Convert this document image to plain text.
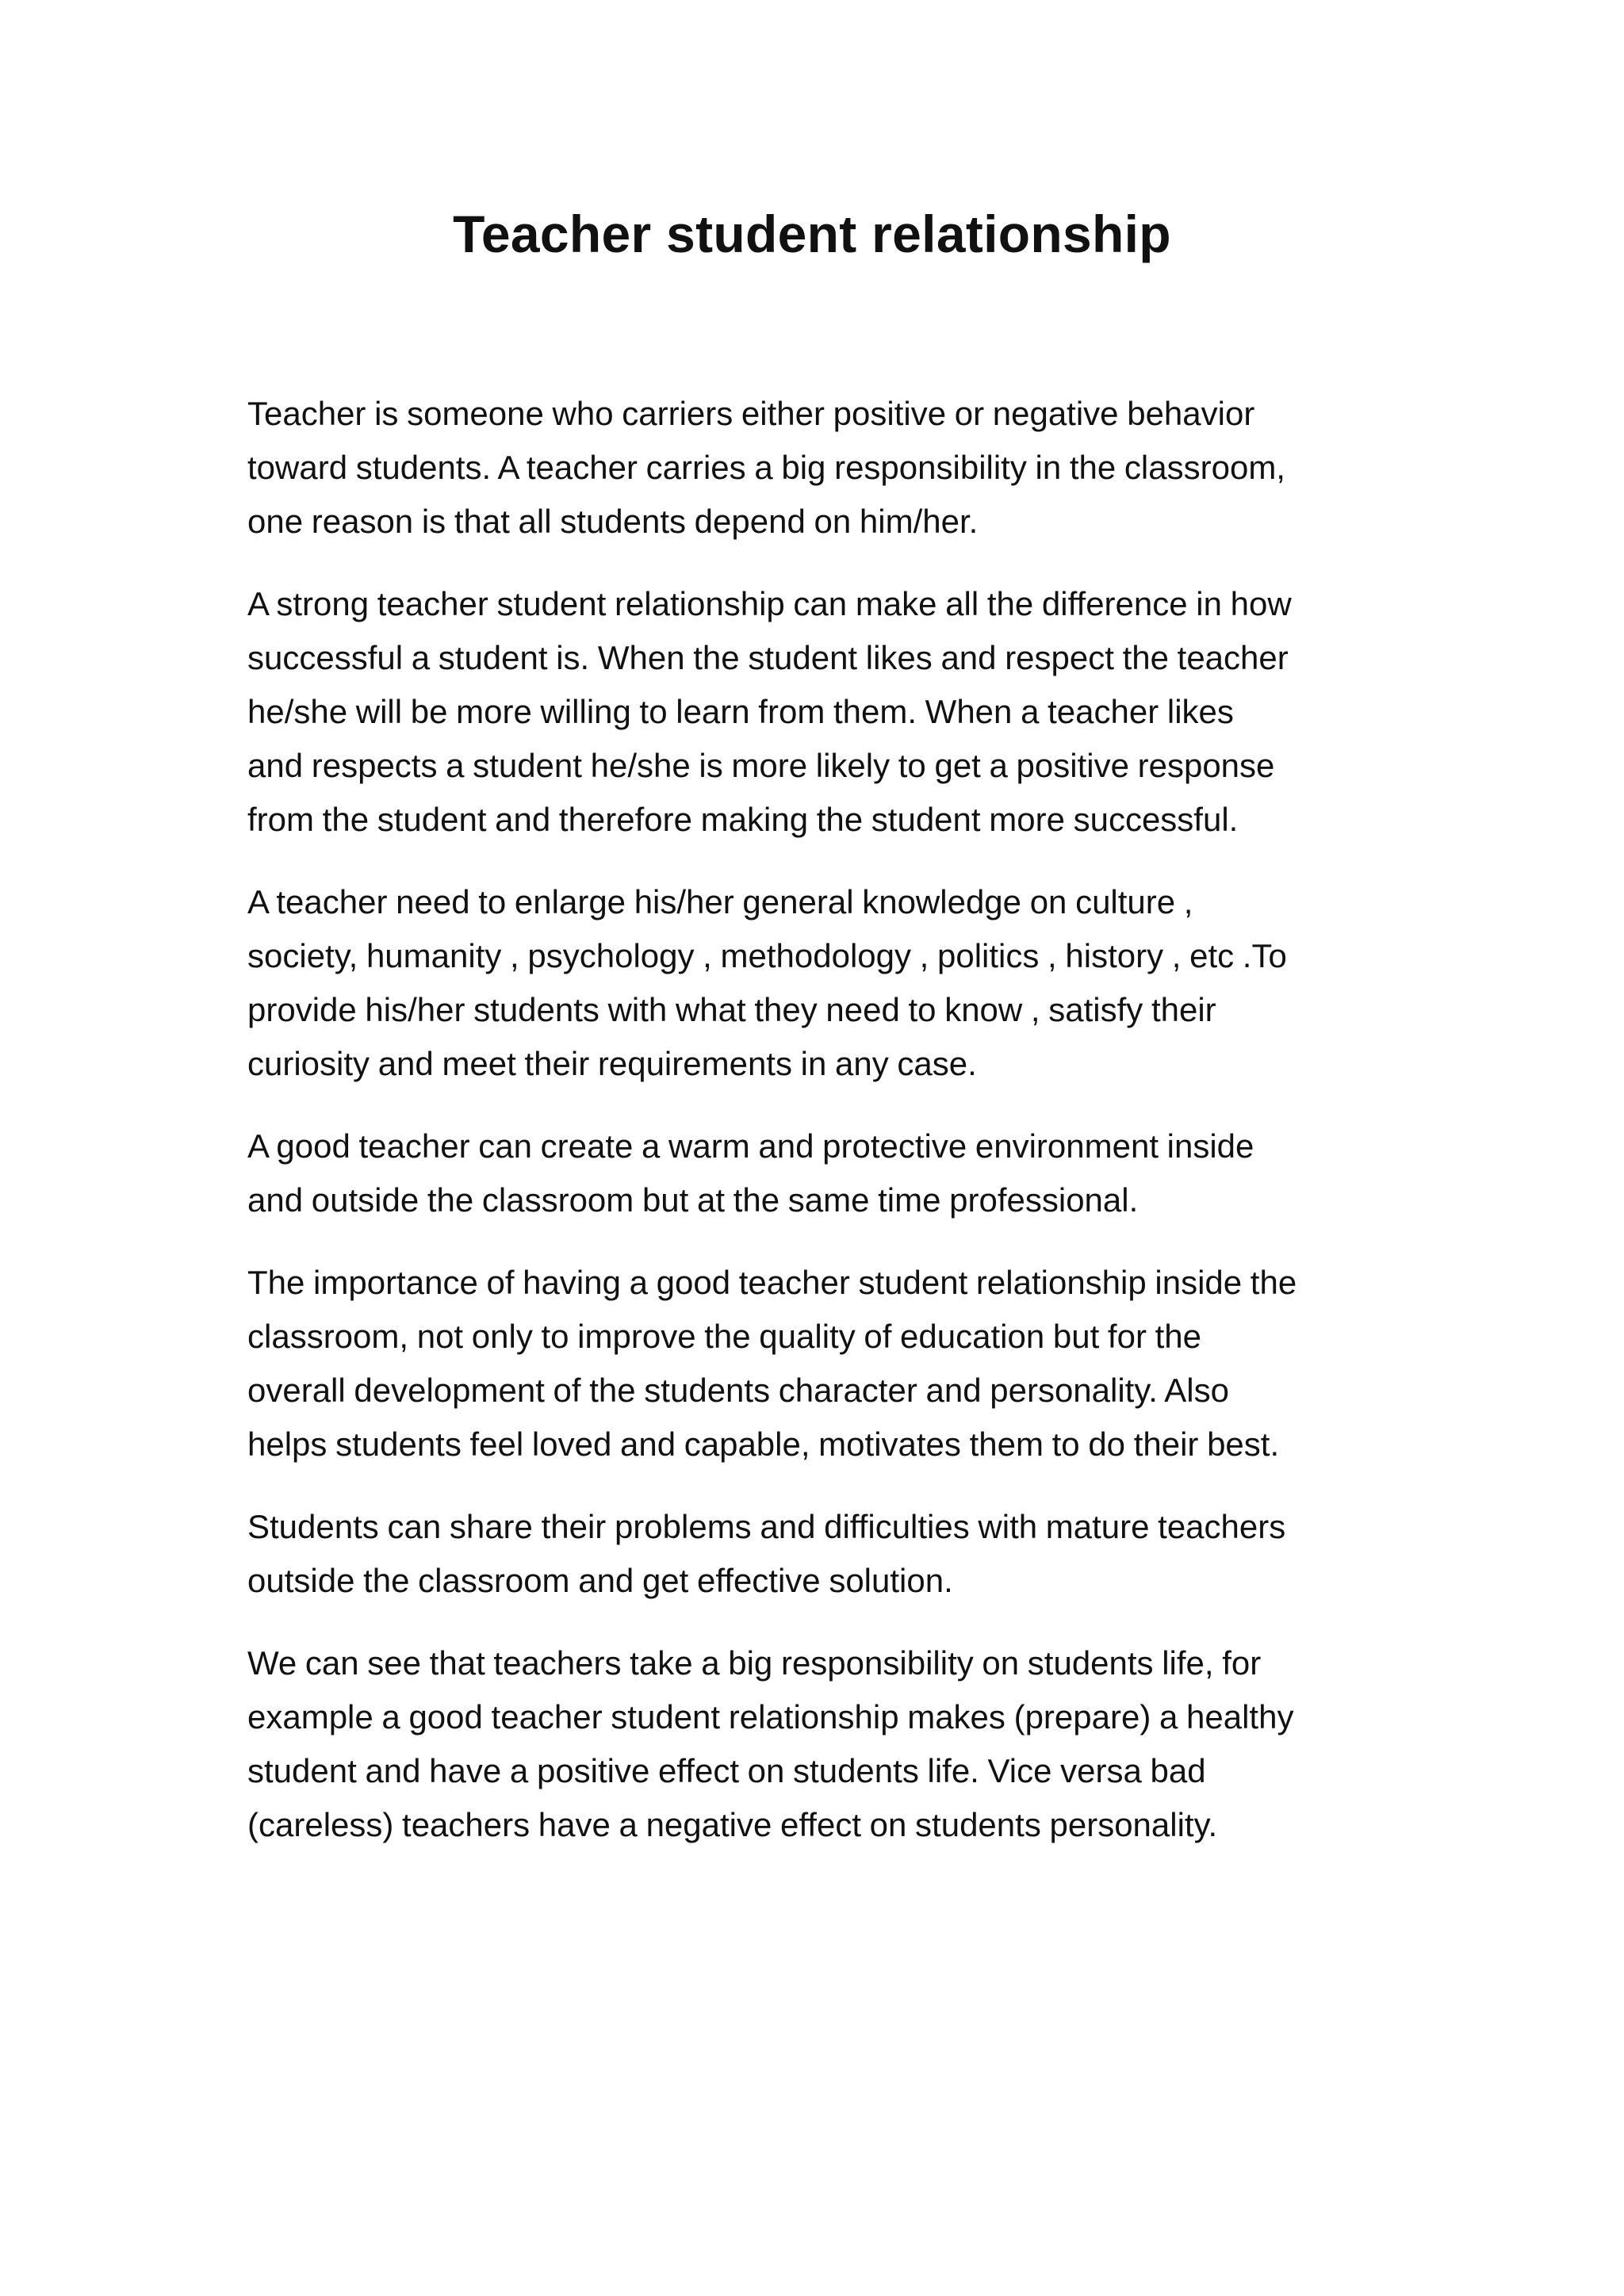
Teacher student relationship

Teacher is someone who carriers either positive or negative behavior
toward students. A teacher carries a big responsibility in the classroom,
one reason is that all students depend on him/her.

A strong teacher student relationship can make all the difference in how
successful a student is. When the student likes and respect the teacher
he/she will be more willing to learn from them. When a teacher likes
and respects a student he/she is more likely to get a positive response
from the student and therefore making the student more successful.

A teacher need to enlarge his/her general knowledge on culture ,
society, humanity , psychology , methodology , politics , history , etc .To
provide his/her students with what they need to know , satisfy their
curiosity and meet their requirements in any case.

A good teacher can create a warm and protective environment inside
and outside the classroom but at the same time professional.

The importance of having a good teacher student relationship inside the
classroom, not only to improve the quality of education but for the
overall development of the students character and personality. Also
helps students feel loved and capable, motivates them to do their best.

Students can share their problems and difficulties with mature teachers
outside the classroom and get effective solution.

We can see that teachers take a big responsibility on students life, for
example a good teacher student relationship makes (prepare) a healthy
student and have a positive effect on students life. Vice versa bad
(careless) teachers have a negative effect on students personality.
